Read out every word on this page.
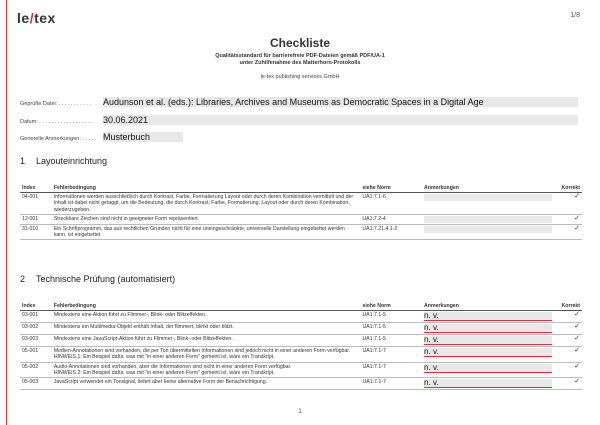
le/tex	1/8
Checkliste
Qualitätsstandard für barrierefreie PDF-Dateien gemäß PDF/UA-1
unter Zuhilfenahme des Matterhorn-Protokolls
le-tex publishing services GmbH
Geprüfte Datei: . . . . . . . . . . . Audunson et al. (eds.): Libraries, Archives and Museums as Democratic Spaces in a Digital Age
Datum: . . . . . . . . . . . . . . . . . . 30.06.2021
Generelle Anmerkungen: . . . . . Musterbuch
1 Layouteinrichtung
Index	Fehlerbedingung	siehe Norm	Anmerkungen	Korrekt
04-001	Informationen werden ausschließlich durch Kontrast, Farbe, Formatierung Layout oder durch deren Kombination vermittelt und der Inhalt ist dabei nicht getaggt, um die Bedeutung, die durch Kontrast, Farbe, Formatierung, Layout oder durch deren Kombination, wiederzugeben.	UA1:7.1-6		✓
12-001	Streckbare Zeichen sind nicht in geeigneter Form repräsentiert.	UA1:7.2-4		✓
31-010	Ein Schriftprogramm, das aus rechtlichen Gründen nicht für eine uneingeschränkte, universelle Darstellung eingebettet werden kann, ist eingebettet.	UA1:7.21.4.1-2		✓
2 Technische Prüfung (automatisiert)
Index	Fehlerbedingung	siehe Norm	Anmerkungen	Korrekt
03-001	Mindestens eine Aktion führt zu Flimmer-, Blink- oder Blitzeffekten.	UA1:7.1-5	n. v.	✓
03-002	Mindestens ein Multimedia-Objekt enthält Inhalt, der flimmert, blinkt oder blitzt.	UA1:7.1-5	n. v.	✓
03-003	Mindestens eine JavaScript-Aktion führt zu Flimmer-, Blink- oder Blitzeffekten.	UA1:7.1-5	n. v.	✓
05-001	Medien-Annotationen sind vorhanden, die per Ton übermittelten Informationen sind jedoch nicht in einer anderen Form verfügbar.
HINWEIS 1: Ein Beispiel dafür, was mit "in einer anderen Form" gemeint ist, wäre ein Transkript.	UA1:7.1-7	n. v.	✓
05-002	Audio-Annotationen sind vorhanden, aber die Informationen sind nicht in einer anderen Form verfügbar.
HINWEIS 2: Ein Beispiel dafür, was mit "in einer anderen Form" gemeint ist, wäre ein Transkript.	UA1:7.1-7	n. v.	✓
05-003	JavaScript verwendet ein Tonsignal, liefert aber keine alternative Form der Benachrichtigung.	UA1:7.1-7	n. v.	✓
1
